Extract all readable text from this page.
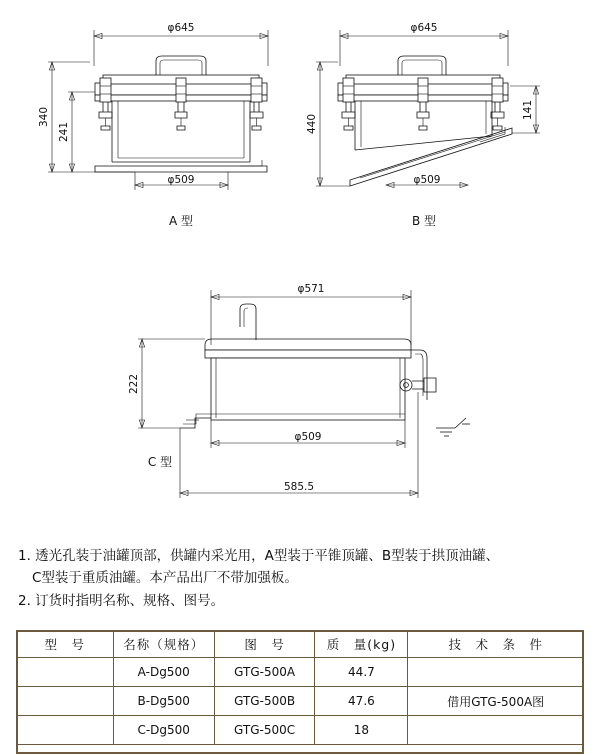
φ645
340
241
φ509
A 型
φ645
440
141
φ509
B 型
φ571
222
φ509
585.5
C 型
1. 透光孔装于油罐顶部，供罐内采光用，A型装于平锥顶罐、B型装于拱顶油罐、
C型装于重质油罐。本产品出厂不带加强板。
2. 订货时指明名称、规格、图号。
型　号	名称（规格）	图　号	质　量(kg)	技　术　条　件
	A-Dg500	GTG-500A	44.7	
	B-Dg500	GTG-500B	47.6	借用GTG-500A图
	C-Dg500	GTG-500C	18	
